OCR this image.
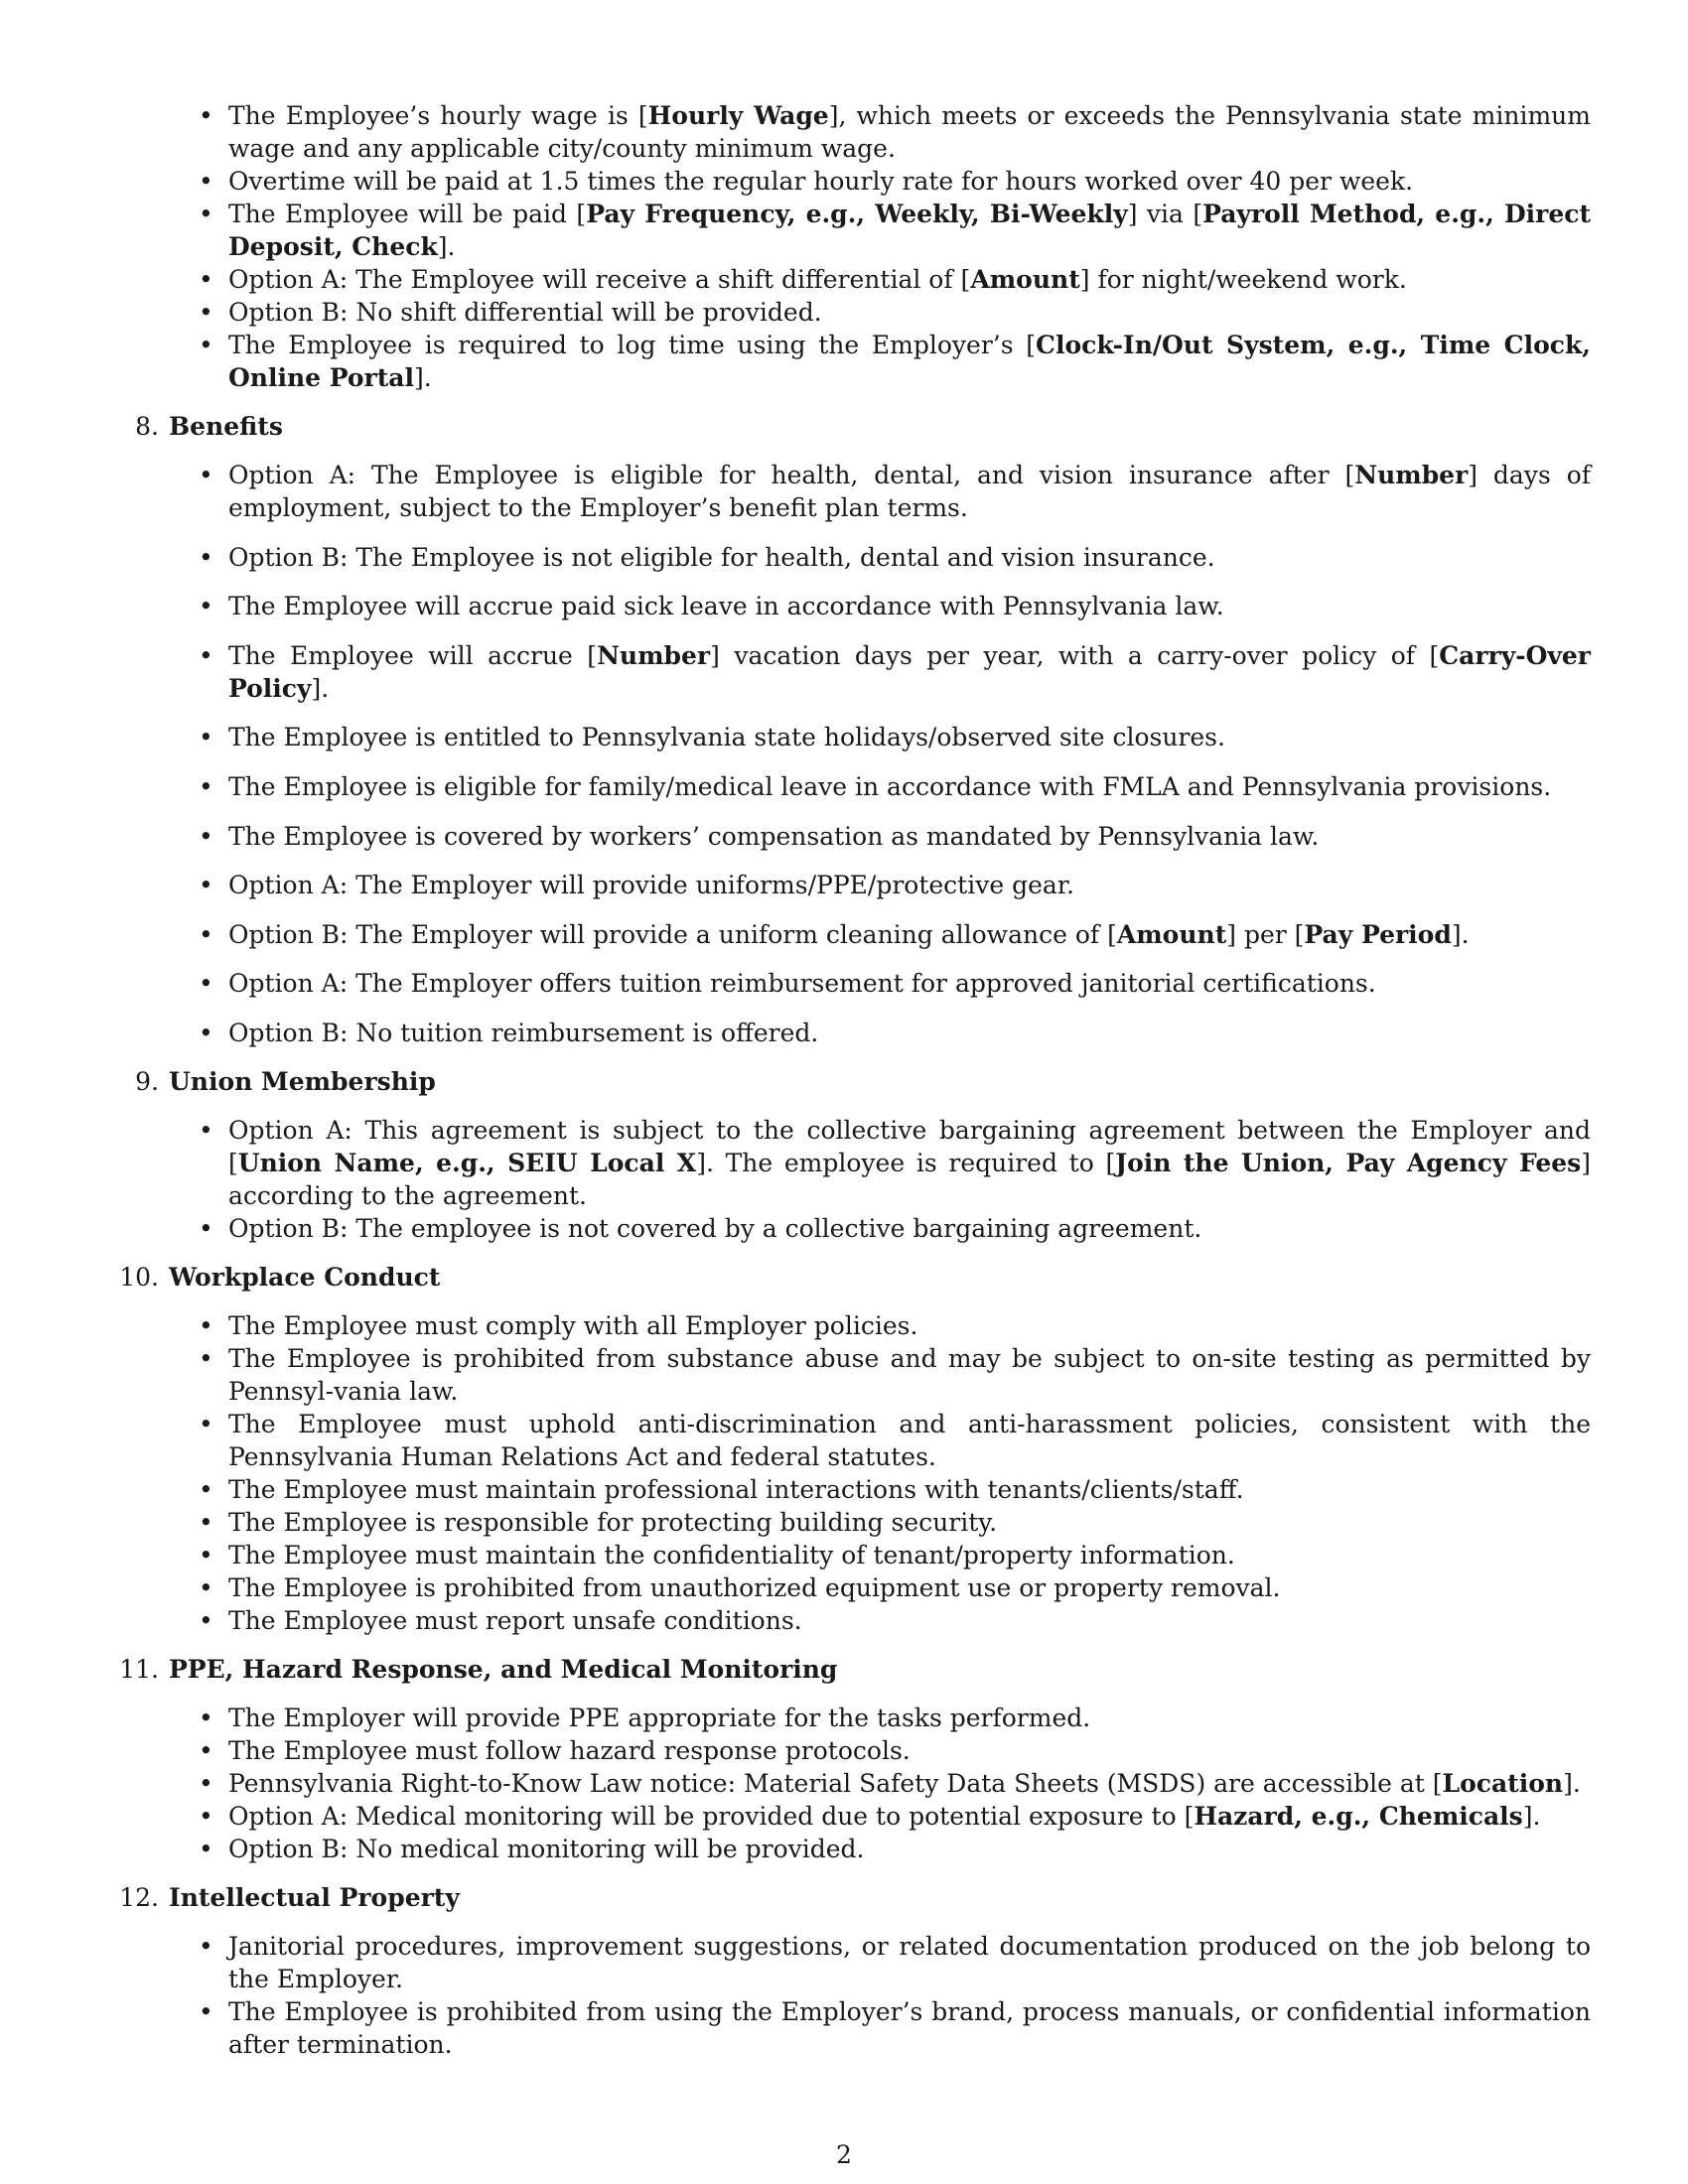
• The Employee’s hourly wage is [Hourly Wage], which meets or exceeds the Pennsylvania state minimum wage and any applicable city/county minimum wage.
• Overtime will be paid at 1.5 times the regular hourly rate for hours worked over 40 per week.
• The Employee will be paid [Pay Frequency, e.g., Weekly, Bi-Weekly] via [Payroll Method, e.g., Direct Deposit, Check].
• Option A: The Employee will receive a shift differential of [Amount] for night/weekend work.
• Option B: No shift differential will be provided.
• The Employee is required to log time using the Employer’s [Clock-In/Out System, e.g., Time Clock, Online Portal].
8. Benefits
• Option A: The Employee is eligible for health, dental, and vision insurance after [Number] days of employment, subject to the Employer’s benefit plan terms.
• Option B: The Employee is not eligible for health, dental and vision insurance.
• The Employee will accrue paid sick leave in accordance with Pennsylvania law.
• The Employee will accrue [Number] vacation days per year, with a carry-over policy of [Carry-Over Policy].
• The Employee is entitled to Pennsylvania state holidays/observed site closures.
• The Employee is eligible for family/medical leave in accordance with FMLA and Pennsylvania provisions.
• The Employee is covered by workers’ compensation as mandated by Pennsylvania law.
• Option A: The Employer will provide uniforms/PPE/protective gear.
• Option B: The Employer will provide a uniform cleaning allowance of [Amount] per [Pay Period].
• Option A: The Employer offers tuition reimbursement for approved janitorial certifications.
• Option B: No tuition reimbursement is offered.
9. Union Membership
• Option A: This agreement is subject to the collective bargaining agreement between the Employer and [Union Name, e.g., SEIU Local X]. The employee is required to [Join the Union, Pay Agency Fees] according to the agreement.
• Option B: The employee is not covered by a collective bargaining agreement.
10. Workplace Conduct
• The Employee must comply with all Employer policies.
• The Employee is prohibited from substance abuse and may be subject to on-site testing as permitted by Pennsyl-vania law.
• The Employee must uphold anti-discrimination and anti-harassment policies, consistent with the Pennsylvania Human Relations Act and federal statutes.
• The Employee must maintain professional interactions with tenants/clients/staff.
• The Employee is responsible for protecting building security.
• The Employee must maintain the confidentiality of tenant/property information.
• The Employee is prohibited from unauthorized equipment use or property removal.
• The Employee must report unsafe conditions.
11. PPE, Hazard Response, and Medical Monitoring
• The Employer will provide PPE appropriate for the tasks performed.
• The Employee must follow hazard response protocols.
• Pennsylvania Right-to-Know Law notice: Material Safety Data Sheets (MSDS) are accessible at [Location].
• Option A: Medical monitoring will be provided due to potential exposure to [Hazard, e.g., Chemicals].
• Option B: No medical monitoring will be provided.
12. Intellectual Property
• Janitorial procedures, improvement suggestions, or related documentation produced on the job belong to the Employer.
• The Employee is prohibited from using the Employer’s brand, process manuals, or confidential information after termination.
2
